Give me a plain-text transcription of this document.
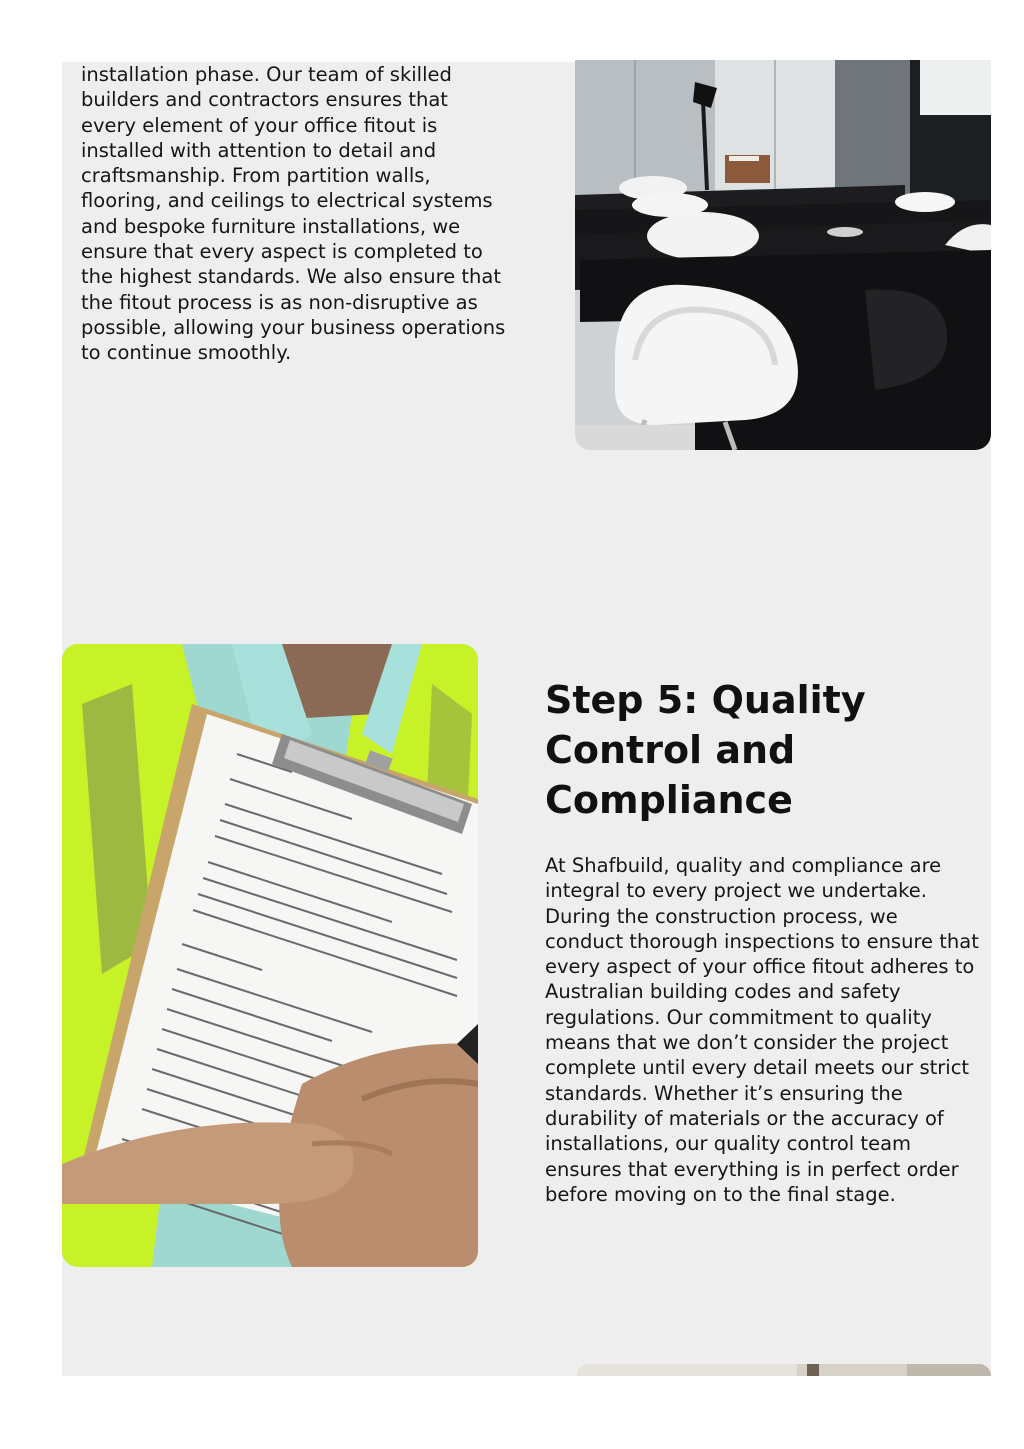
installation phase. Our team of skilled builders and contractors ensures that every element of your office fitout is installed with attention to detail and craftsmanship. From partition walls, flooring, and ceilings to electrical systems and bespoke furniture installations, we ensure that every aspect is completed to the highest standards. We also ensure that the fitout process is as non-disruptive as possible, allowing your business operations to continue smoothly.

Step 5: Quality Control and Compliance

At Shafbuild, quality and compliance are integral to every project we undertake. During the construction process, we conduct thorough inspections to ensure that every aspect of your office fitout adheres to Australian building codes and safety regulations. Our commitment to quality means that we don’t consider the project complete until every detail meets our strict standards. Whether it’s ensuring the durability of materials or the accuracy of installations, our quality control team ensures that everything is in perfect order before moving on to the final stage.
